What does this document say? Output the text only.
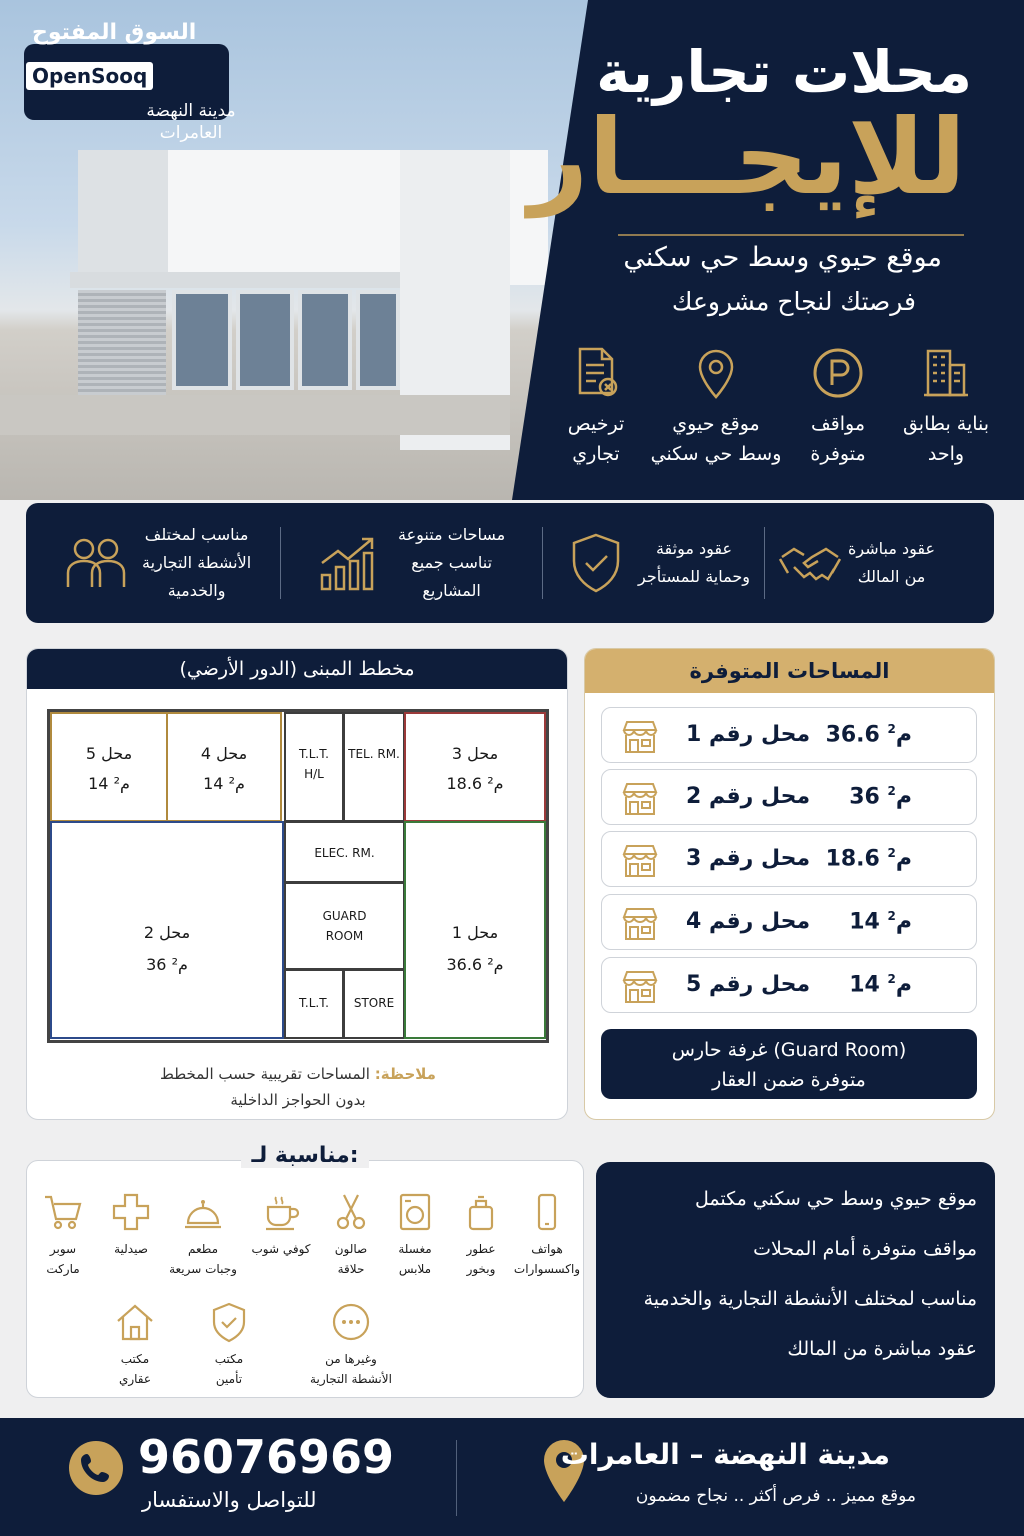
مدينة النهضة العامرات
السوق المفتوح
OpenSooq	محلات تجارية
للإيجـــار
موقع حيوي وسط حي سكني
فرصتك لنجاح مشروعك
بناية بطابق
واحد
مواقف
متوفرة
موقع حيوي
وسط حي سكني
ترخيص
تجاري
عقود مباشرة
من المالك
عقود موثقة
وحماية للمستأجر
مساحات متنوعة
تناسب جميع
المشاريع
مناسب لمختلف
الأنشطة التجارية
والخدمية
مخطط المبنى (الدور الأرضي)
محل 5
14 م²
محل 4
14 م²
T.L.T.
H/L
TEL. RM.	محل 3
18.6 م²
محل 2
36 م²
ELEC. RM.
GUARD
ROOM
T.L.T.	STORE
محل 1
36.6 م²
ملاحظة: المساحات تقريبية حسب المخطط
بدون الحواجز الداخلية
المساحات المتوفرة
محل رقم 1 36.6 م$^2$
محل رقم 2 36 م$^2$
محل رقم 3 18.6 م$^2$
محل رقم 4 14 م$^2$
محل رقم 5 14 م$^2$
غرفة حارس (Guard Room)
متوفرة ضمن العقار
مناسبة لـ:
هواتف
واكسسوارات
عطور
وبخور
مغسلة
ملابس
صالون
حلاقة
كوفي شوب
مطعم
وجبات سريعة
صيدلية
سوبر
ماركت
وغيرها من
الأنشطة التجارية
مكتب
تأمين
مكتب
عقاري
موقع حيوي وسط حي سكني مكتمل
مواقف متوفرة أمام المحلات
مناسب لمختلف الأنشطة التجارية والخدمية
عقود مباشرة من المالك
96076969
للتواصل والاستفسار
مدينة النهضة – العامرات
موقع مميز .. فرص أكثر .. نجاح مضمون
